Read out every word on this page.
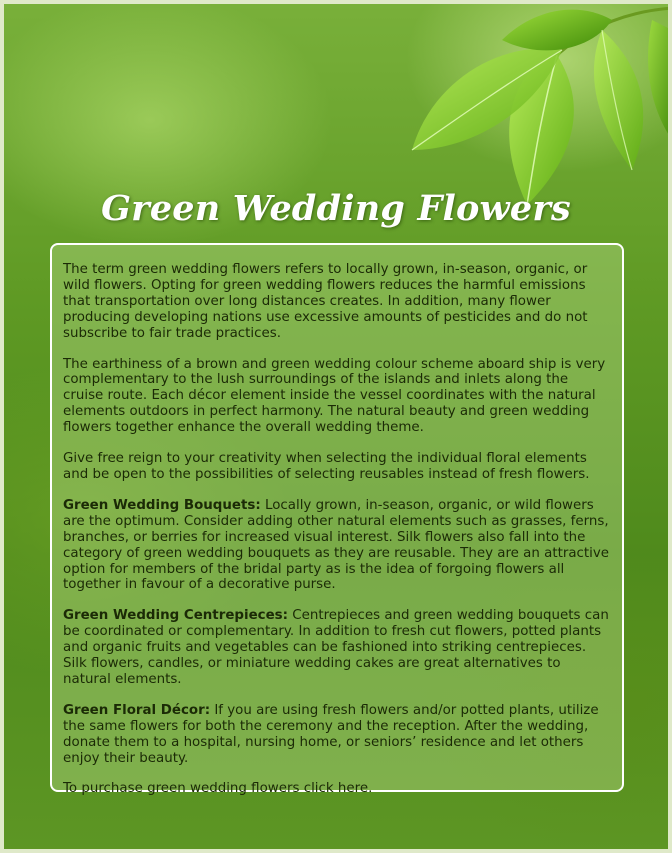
Green Wedding Flowers

The term green wedding flowers refers to locally grown, in-season, organic, or wild flowers. Opting for green wedding flowers reduces the harmful emissions that transportation over long distances creates. In addition, many flower producing developing nations use excessive amounts of pesticides and do not subscribe to fair trade practices.

The earthiness of a brown and green wedding colour scheme aboard ship is very complementary to the lush surroundings of the islands and inlets along the cruise route. Each décor element inside the vessel coordinates with the natural elements outdoors in perfect harmony. The natural beauty and green wedding flowers together enhance the overall wedding theme.

Give free reign to your creativity when selecting the individual floral elements and be open to the possibilities of selecting reusables instead of fresh flowers.

Green Wedding Bouquets: Locally grown, in-season, organic, or wild flowers are the optimum. Consider adding other natural elements such as grasses, ferns, branches, or berries for increased visual interest. Silk flowers also fall into the category of green wedding bouquets as they are reusable. They are an attractive option for members of the bridal party as is the idea of forgoing flowers all together in favour of a decorative purse.

Green Wedding Centrepieces: Centrepieces and green wedding bouquets can be coordinated or complementary. In addition to fresh cut flowers, potted plants and organic fruits and vegetables can be fashioned into striking centrepieces. Silk flowers, candles, or miniature wedding cakes are great alternatives to natural elements.

Green Floral Décor: If you are using fresh flowers and/or potted plants, utilize the same flowers for both the ceremony and the reception. After the wedding, donate them to a hospital, nursing home, or seniors’ residence and let others enjoy their beauty.

To purchase green wedding flowers click here.
